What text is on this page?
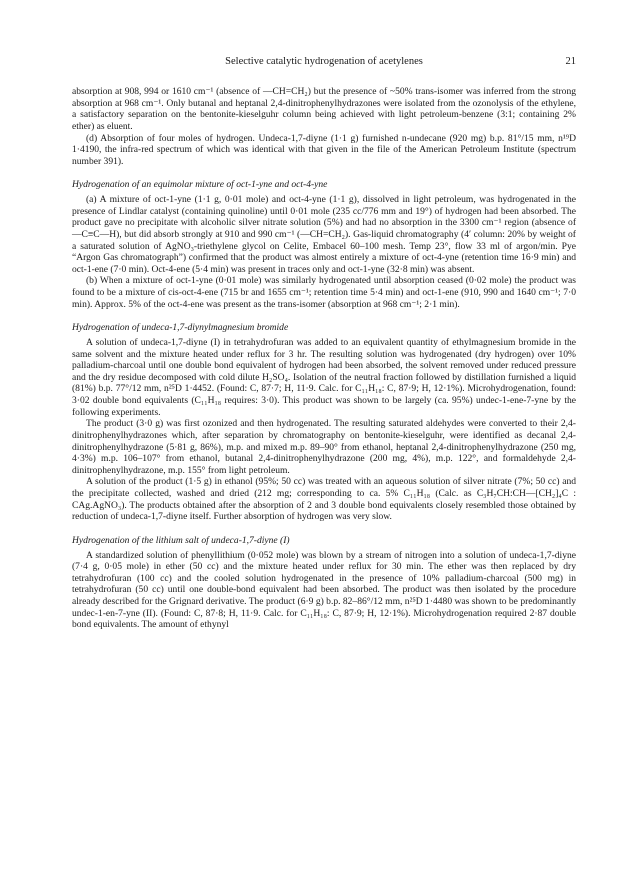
Selective catalytic hydrogenation of acetylenes	21

absorption at 908, 994 or 1610 cm⁻¹ (absence of —CH=CH₂) but the presence of ~50% trans-isomer was inferred from the strong absorption at 968 cm⁻¹. Only butanal and heptanal 2,4-dinitrophenylhydrazones were isolated from the ozonolysis of the ethylene, a satisfactory separation on the bentonite-kieselguhr column being achieved with light petroleum-benzene (3:1; containing 2% ether) as eluent.

(d) Absorption of four moles of hydrogen. Undeca-1,7-diyne (1·1 g) furnished n-undecane (920 mg) b.p. 81°/15 mm, n¹⁹D 1·4190, the infra-red spectrum of which was identical with that given in the file of the American Petroleum Institute (spectrum number 391).

Hydrogenation of an equimolar mixture of oct-1-yne and oct-4-yne

(a) A mixture of oct-1-yne (1·1 g, 0·01 mole) and oct-4-yne (1·1 g), dissolved in light petroleum, was hydrogenated in the presence of Lindlar catalyst (containing quinoline) until 0·01 mole (235 cc/776 mm and 19°) of hydrogen had been absorbed. The product gave no precipitate with alcoholic silver nitrate solution (5%) and had no absorption in the 3300 cm⁻¹ region (absence of —C≡C—H), but did absorb strongly at 910 and 990 cm⁻¹ (—CH=CH₂). Gas-liquid chromatography (4′ column: 20% by weight of a saturated solution of AgNO₃-triethylene glycol on Celite, Embacel 60–100 mesh. Temp 23°, flow 33 ml of argon/min. Pye “Argon Gas chromatograph”) confirmed that the product was almost entirely a mixture of oct-4-yne (retention time 16·9 min) and oct-1-ene (7·0 min). Oct-4-ene (5·4 min) was present in traces only and oct-1-yne (32·8 min) was absent.

(b) When a mixture of oct-1-yne (0·01 mole) was similarly hydrogenated until absorption ceased (0·02 mole) the product was found to be a mixture of cis-oct-4-ene (715 br and 1655 cm⁻¹; retention time 5·4 min) and oct-1-ene (910, 990 and 1640 cm⁻¹; 7·0 min). Approx. 5% of the oct-4-ene was present as the trans-isomer (absorption at 968 cm⁻¹; 2·1 min).

Hydrogenation of undeca-1,7-diynylmagnesium bromide

A solution of undeca-1,7-diyne (I) in tetrahydrofuran was added to an equivalent quantity of ethylmagnesium bromide in the same solvent and the mixture heated under reflux for 3 hr. The resulting solution was hydrogenated (dry hydrogen) over 10% palladium-charcoal until one double bond equivalent of hydrogen had been absorbed, the solvent removed under reduced pressure and the dry residue decomposed with cold dilute H₂SO₄. Isolation of the neutral fraction followed by distillation furnished a liquid (81%) b.p. 77°/12 mm, n²⁵D 1·4452. (Found: C, 87·7; H, 11·9. Calc. for C₁₁H₁₈: C, 87·9; H, 12·1%). Microhydrogenation, found: 3·02 double bond equivalents (C₁₁H₁₈ requires: 3·0). This product was shown to be largely (ca. 95%) undec-1-ene-7-yne by the following experiments.

The product (3·0 g) was first ozonized and then hydrogenated. The resulting saturated aldehydes were converted to their 2,4-dinitrophenylhydrazones which, after separation by chromatography on bentonite-kieselguhr, were identified as decanal 2,4-dinitrophenylhydrazone (5·81 g, 86%), m.p. and mixed m.p. 89–90° from ethanol, heptanal 2,4-dinitrophenylhydrazone (250 mg, 4·3%) m.p. 106–107° from ethanol, butanal 2,4-dinitrophenylhydrazone (200 mg, 4%), m.p. 122°, and formaldehyde 2,4-dinitrophenylhydrazone, m.p. 155° from light petroleum.

A solution of the product (1·5 g) in ethanol (95%; 50 cc) was treated with an aqueous solution of silver nitrate (7%; 50 cc) and the precipitate collected, washed and dried (212 mg; corresponding to ca. 5% C₁₁H₁₈ (Calc. as C₃H₇CH:CH—[CH₂]₄C : CAg.AgNO₃). The products obtained after the absorption of 2 and 3 double bond equivalents closely resembled those obtained by reduction of undeca-1,7-diyne itself. Further absorption of hydrogen was very slow.

Hydrogenation of the lithium salt of undeca-1,7-diyne (I)

A standardized solution of phenyllithium (0·052 mole) was blown by a stream of nitrogen into a solution of undeca-1,7-diyne (7·4 g, 0·05 mole) in ether (50 cc) and the mixture heated under reflux for 30 min. The ether was then replaced by dry tetrahydrofuran (100 cc) and the cooled solution hydrogenated in the presence of 10% palladium-charcoal (500 mg) in tetrahydrofuran (50 cc) until one double-bond equivalent had been absorbed. The product was then isolated by the procedure already described for the Grignard derivative. The product (6·9 g) b.p. 82–86°/12 mm, n²⁵D 1·4480 was shown to be predominantly undec-1-en-7-yne (II). (Found: C, 87·8; H, 11·9. Calc. for C₁₁H₁₈: C, 87·9; H, 12·1%). Microhydrogenation required 2·87 double bond equivalents. The amount of ethynyl
